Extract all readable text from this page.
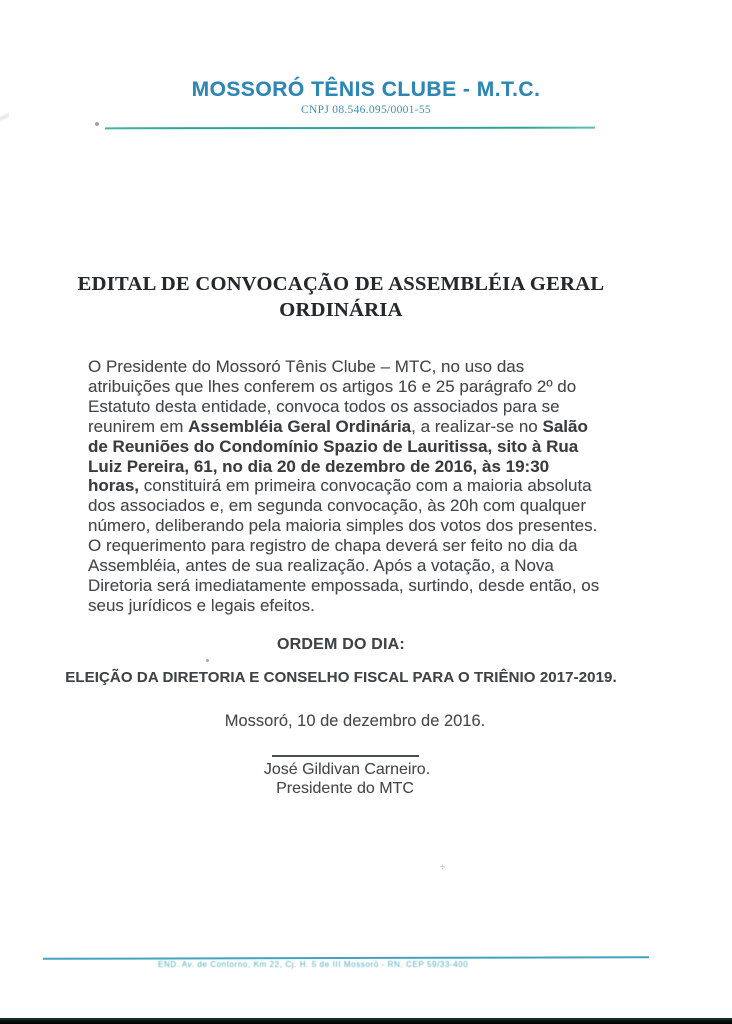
MOSSORÓ TÊNIS CLUBE - M.T.C.
CNPJ 08.546.095/0001-55
EDITAL DE CONVOCAÇÃO DE ASSEMBLÉIA GERAL
ORDINÁRIA
O Presidente do Mossoró Tênis Clube – MTC, no uso das
atribuições que lhes conferem os artigos 16 e 25 parágrafo 2º do
Estatuto desta entidade, convoca todos os associados para se
reunirem em Assembléia Geral Ordinária, a realizar-se no Salão
de Reuniões do Condomínio Spazio de Lauritissa, sito à Rua
Luiz Pereira, 61, no dia 20 de dezembro de 2016, às 19:30
horas, constituirá em primeira convocação com a maioria absoluta
dos associados e, em segunda convocação, às 20h com qualquer
número, deliberando pela maioria simples dos votos dos presentes.
O requerimento para registro de chapa deverá ser feito no dia da
Assembléia, antes de sua realização. Após a votação, a Nova
Diretoria será imediatamente empossada, surtindo, desde então, os
seus jurídicos e legais efeitos.
ORDEM DO DIA:
ELEIÇÃO DA DIRETORIA E CONSELHO FISCAL PARA O TRIÊNIO 2017-2019.
Mossoró, 10 de dezembro de 2016.
José Gildivan Carneiro.
Presidente do MTC
÷
END. Av. de Contorno, Km 22, Cj. H. 5 de III Mossoró - RN. CEP 59/33-400
